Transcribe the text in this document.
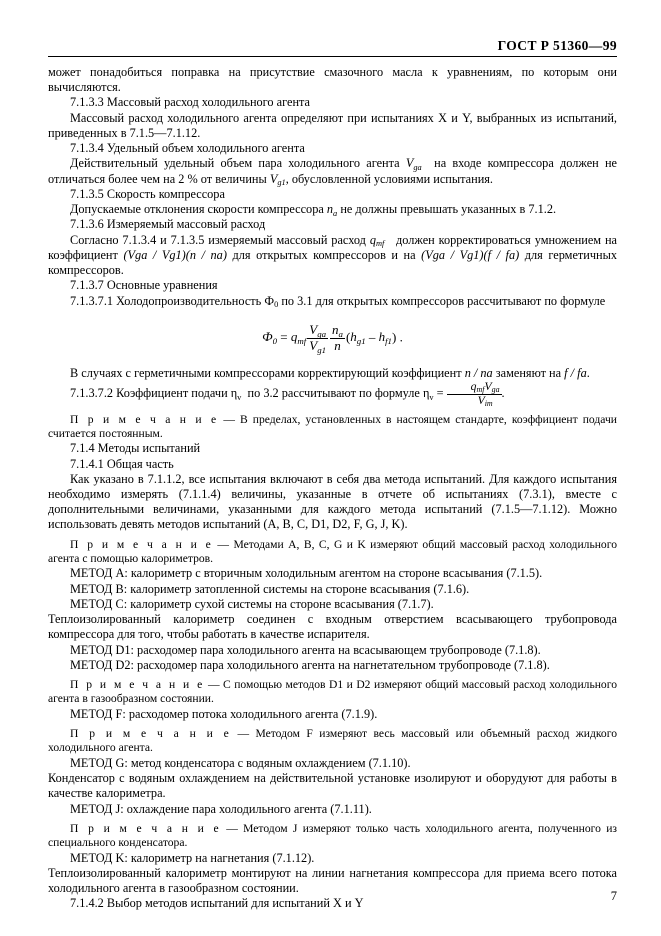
ГОСТ Р 51360—99

может понадобиться поправка на присутствие смазочного масла к уравнениям, по которым они вычисляются.

7.1.3.3 Массовый расход холодильного агента

Массовый расход холодильного агента определяют при испытаниях X и Y, выбранных из испытаний, приведенных в 7.1.5—7.1.12.

7.1.3.4 Удельный объем холодильного агента

Действительный удельный объем пара холодильного агента $V_{ga}$ на входе компрессора должен не отличаться более чем на 2 % от величины $V_{g1}$, обусловленной условиями испытания.

7.1.3.5 Скорость компрессора

Допускаемые отклонения скорости компрессора $n_a$ не должны превышать указанных в 7.1.2.

7.1.3.6 Измеряемый массовый расход

Согласно 7.1.3.4 и 7.1.3.5 измеряемый массовый расход $q_{mf}$ должен корректироваться умножением на коэффициент (Vga / Vg1)(n / na) для открытых компрессоров и на (Vga / Vg1)(f / fa) для герметичных компрессоров.

7.1.3.7 Основные уравнения

7.1.3.7.1 Холодопроизводительность $Ф_0$ по 3.1 для открытых компрессоров рассчитывают по формуле

$Ф_0 = q_{mf} \frac{V_{ga}}{V_{g1}} \frac{n_a}{n} (h_{g1} - h_{f1})$ .

В случаях с герметичными компрессорами корректирующий коэффициент n / na заменяют на f / fa.

7.1.3.7.2 Коэффициент подачи $\eta_v$ по 3.2 рассчитывают по формуле $\eta_v = \frac{q_{mf}V_{ga}}{V_{im}}$ .

П р и м е ч а н и е — В пределах, установленных в настоящем стандарте, коэффициент подачи считается постоянным.

7.1.4 Методы испытаний

7.1.4.1 Общая часть

Как указано в 7.1.1.2, все испытания включают в себя два метода испытаний. Для каждого испытания необходимо измерять (7.1.1.4) величины, указанные в отчете об испытаниях (7.3.1), вместе с дополнительными величинами, указанными для каждого метода испытаний (7.1.5—7.1.12). Можно использовать девять методов испытаний (A, B, C, D1, D2, F, G, J, K).

П р и м е ч а н и е — Методами A, B, C, G и K измеряют общий массовый расход холодильного агента с помощью калориметров.

МЕТОД A: калориметр с вторичным холодильным агентом на стороне всасывания (7.1.5).

МЕТОД B: калориметр затопленной системы на стороне всасывания (7.1.6).

МЕТОД C: калориметр сухой системы на стороне всасывания (7.1.7).

Теплоизолированный калориметр соединен с входным отверстием всасывающего трубопровода компрессора для того, чтобы работать в качестве испарителя.

МЕТОД D1: расходомер пара холодильного агента на всасывающем трубопроводе (7.1.8).

МЕТОД D2: расходомер пара холодильного агента на нагнетательном трубопроводе (7.1.8).

П р и м е ч а н и е — С помощью методов D1 и D2 измеряют общий массовый расход холодильного агента в газообразном состоянии.

МЕТОД F: расходомер потока холодильного агента (7.1.9).

П р и м е ч а н и е — Методом F измеряют весь массовый или объемный расход жидкого холодильного агента.

МЕТОД G: метод конденсатора с водяным охлаждением (7.1.10).

Конденсатор с водяным охлаждением на действительной установке изолируют и оборудуют для работы в качестве калориметра.

МЕТОД J: охлаждение пара холодильного агента (7.1.11).

П р и м е ч а н и е — Методом J измеряют только часть холодильного агента, полученного из специального конденсатора.

МЕТОД K: калориметр на нагнетания (7.1.12).

Теплоизолированный калориметр монтируют на линии нагнетания компрессора для приема всего потока холодильного агента в газообразном состоянии.

7.1.4.2 Выбор методов испытаний для испытаний X и Y

7
